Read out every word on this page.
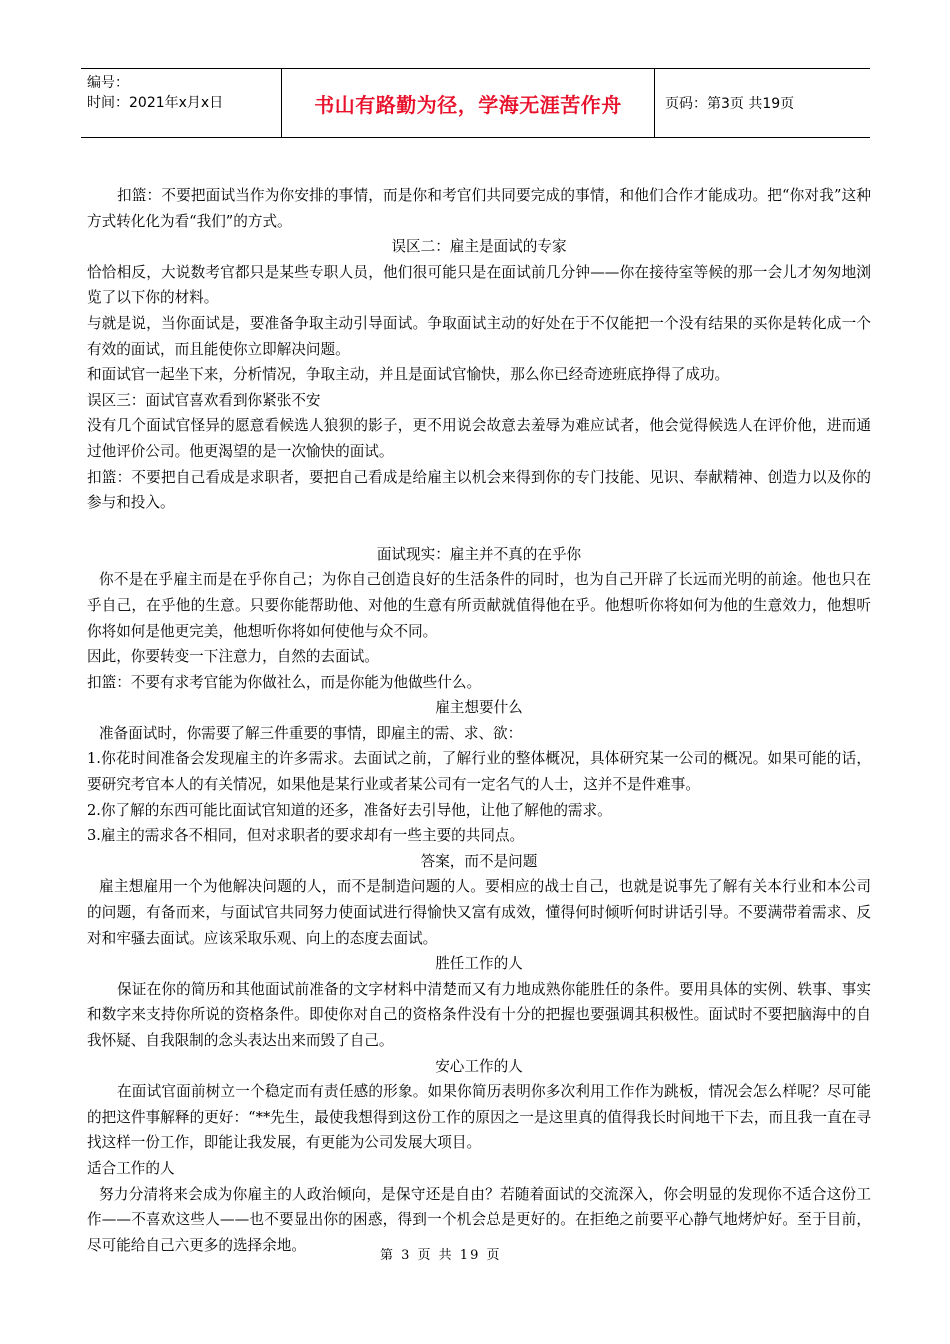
编号：
时间：2021年x月x日	书山有路勤为径，学海无涯苦作舟	页码：第3页 共19页

扣篮：不要把面试当作为你安排的事情，而是你和考官们共同要完成的事情，和他们合作才能成功。把“你对我”这种方式转化化为看“我们”的方式。

误区二：雇主是面试的专家

恰恰相反，大说数考官都只是某些专职人员，他们很可能只是在面试前几分钟——你在接待室等候的那一会儿才匆匆地浏览了以下你的材料。

与就是说，当你面试是，要准备争取主动引导面试。争取面试主动的好处在于不仅能把一个没有结果的买你是转化成一个有效的面试，而且能使你立即解决问题。

和面试官一起坐下来，分析情况，争取主动，并且是面试官愉快，那么你已经奇迹班底挣得了成功。

误区三：面试官喜欢看到你紧张不安

没有几个面试官怪异的愿意看候选人狼狈的影子，更不用说会故意去羞辱为难应试者，他会觉得候选人在评价他，进而通过他评价公司。他更渴望的是一次愉快的面试。

扣篮：不要把自己看成是求职者，要把自己看成是给雇主以机会来得到你的专门技能、见识、奉献精神、创造力以及你的参与和投入。

面试现实：雇主并不真的在乎你

你不是在乎雇主而是在乎你自己；为你自己创造良好的生活条件的同时，也为自己开辟了长远而光明的前途。他也只在乎自己，在乎他的生意。只要你能帮助他、对他的生意有所贡献就值得他在乎。他想听你将如何为他的生意效力，他想听你将如何是他更完美，他想听你将如何使他与众不同。

因此，你要转变一下注意力，自然的去面试。

扣篮：不要有求考官能为你做社么，而是你能为他做些什么。

雇主想要什么

准备面试时，你需要了解三件重要的事情，即雇主的需、求、欲：

1.你花时间准备会发现雇主的许多需求。去面试之前，了解行业的整体概况，具体研究某一公司的概况。如果可能的话，要研究考官本人的有关情况，如果他是某行业或者某公司有一定名气的人士，这并不是件难事。

2.你了解的东西可能比面试官知道的还多，准备好去引导他，让他了解他的需求。

3.雇主的需求各不相同，但对求职者的要求却有一些主要的共同点。

答案，而不是问题

雇主想雇用一个为他解决问题的人，而不是制造问题的人。要相应的战士自己，也就是说事先了解有关本行业和本公司的问题，有备而来，与面试官共同努力使面试进行得愉快又富有成效，懂得何时倾听何时讲话引导。不要满带着需求、反对和牢骚去面试。应该采取乐观、向上的态度去面试。

胜任工作的人

保证在你的简历和其他面试前准备的文字材料中清楚而又有力地成熟你能胜任的条件。要用具体的实例、轶事、事实和数字来支持你所说的资格条件。即使你对自己的资格条件没有十分的把握也要强调其积极性。面试时不要把脑海中的自我怀疑、自我限制的念头表达出来而毁了自己。

安心工作的人

在面试官面前树立一个稳定而有责任感的形象。如果你简历表明你多次利用工作作为跳板，情况会怎么样呢？尽可能的把这件事解释的更好：“**先生，最使我想得到这份工作的原因之一是这里真的值得我长时间地干下去，而且我一直在寻找这样一份工作，即能让我发展，有更能为公司发展大项目。

适合工作的人

努力分清将来会成为你雇主的人政治倾向，是保守还是自由？若随着面试的交流深入，你会明显的发现你不适合这份工作——不喜欢这些人——也不要显出你的困惑，得到一个机会总是更好的。在拒绝之前要平心静气地烤炉好。至于目前，尽可能给自己六更多的选择余地。

第 3 页 共 19 页
